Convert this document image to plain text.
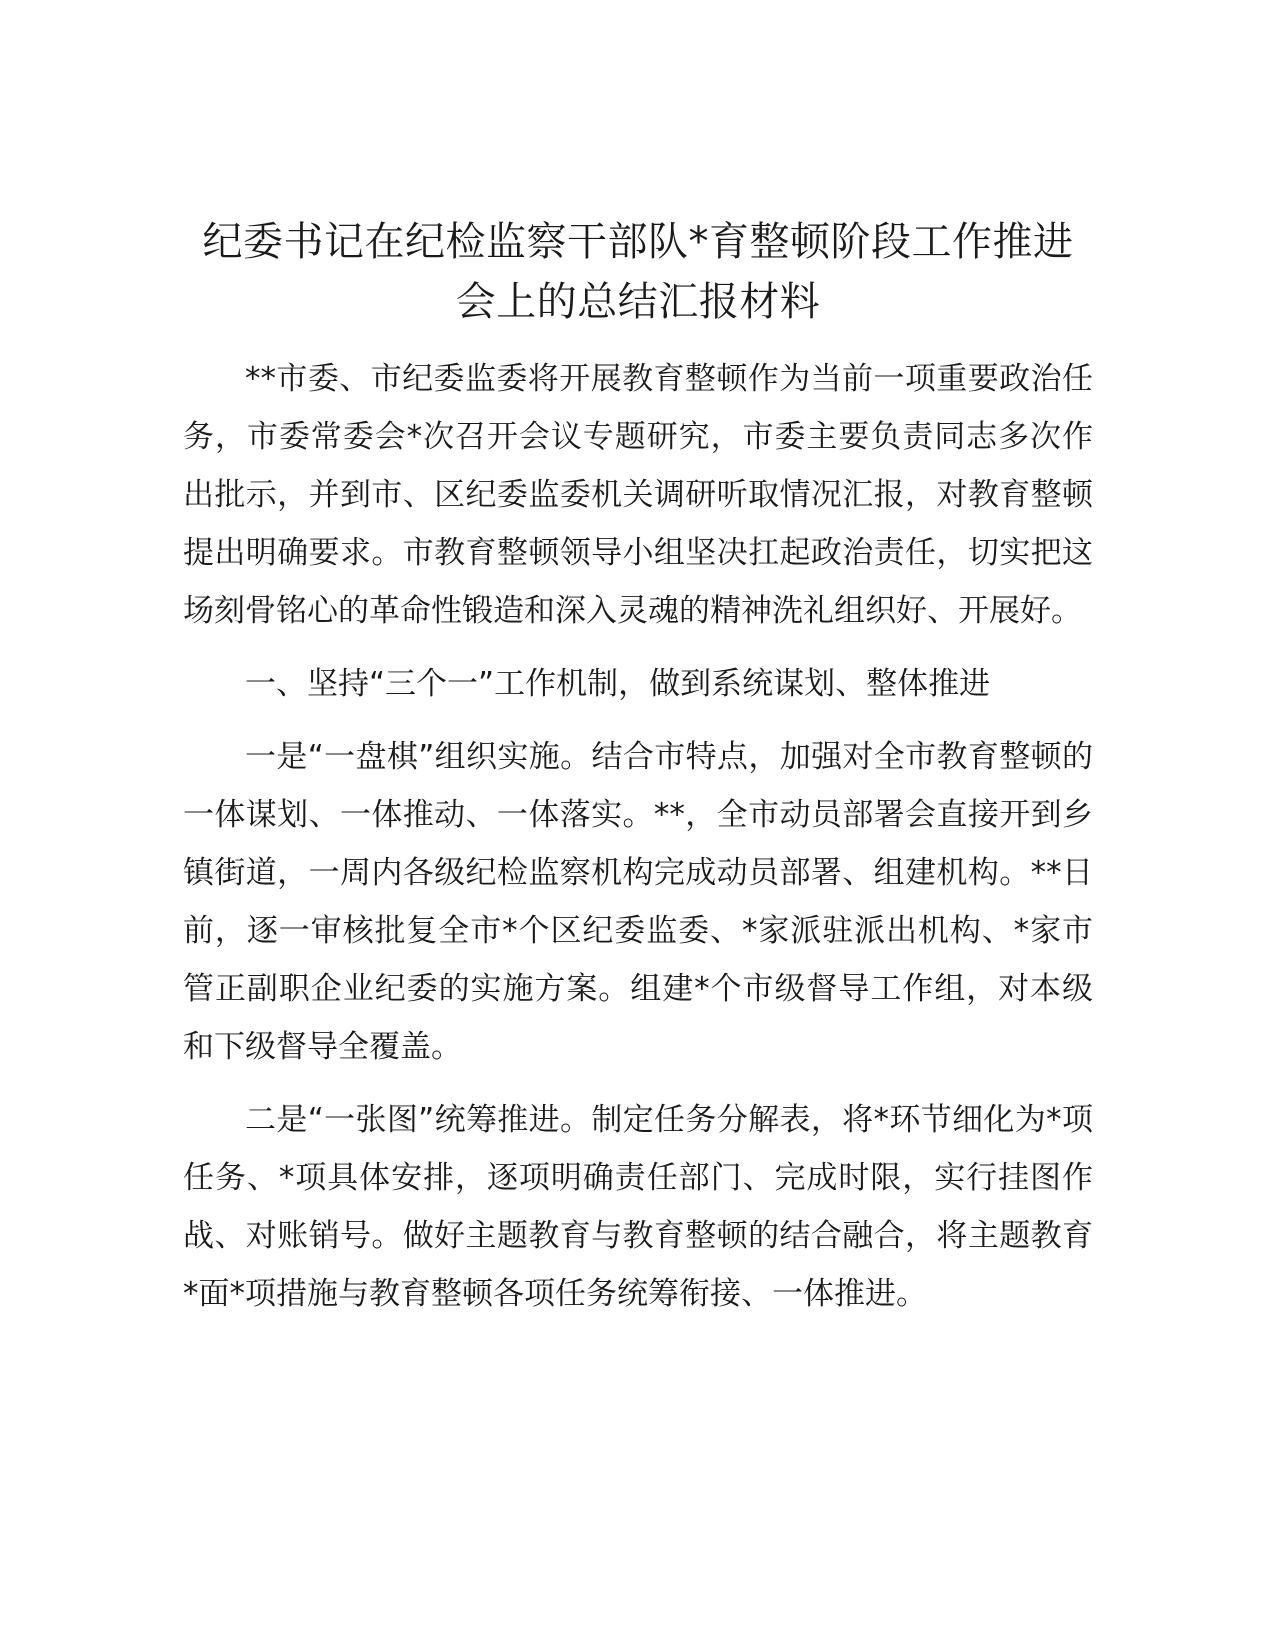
纪委书记在纪检监察干部队*育整顿阶段工作推进会上的总结汇报材料

**市委、市纪委监委将开展教育整顿作为当前一项重要政治任务，市委常委会*次召开会议专题研究，市委主要负责同志多次作出批示，并到市、区纪委监委机关调研听取情况汇报，对教育整顿提出明确要求。市教育整顿领导小组坚决扛起政治责任，切实把这场刻骨铭心的革命性锻造和深入灵魂的精神洗礼组织好、开展好。

一、坚持“三个一”工作机制，做到系统谋划、整体推进

一是“一盘棋”组织实施。结合市特点，加强对全市教育整顿的一体谋划、一体推动、一体落实。**，全市动员部署会直接开到乡镇街道，一周内各级纪检监察机构完成动员部署、组建机构。**日前，逐一审核批复全市*个区纪委监委、*家派驻派出机构、*家市管正副职企业纪委的实施方案。组建*个市级督导工作组，对本级和下级督导全覆盖。

二是“一张图”统筹推进。制定任务分解表，将*环节细化为*项任务、*项具体安排，逐项明确责任部门、完成时限，实行挂图作战、对账销号。做好主题教育与教育整顿的结合融合，将主题教育*面*项措施与教育整顿各项任务统筹衔接、一体推进。
